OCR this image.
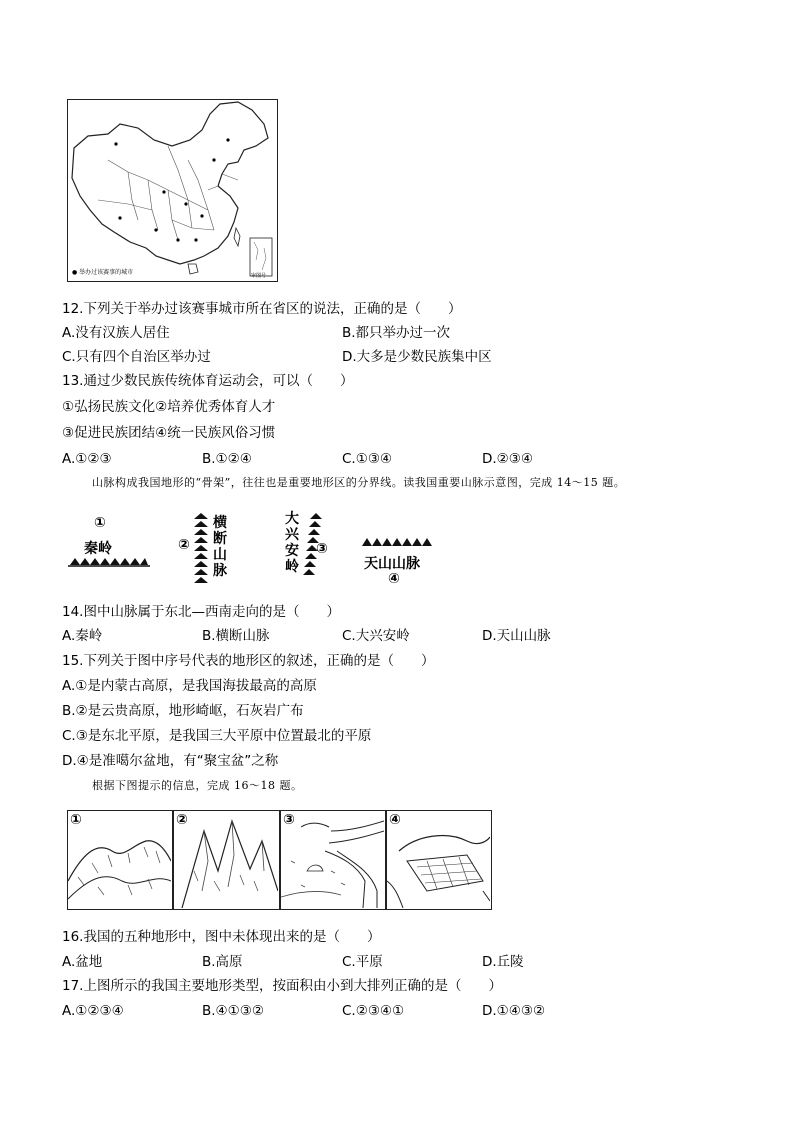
● 举办过该赛事的城市	审图号
12.下列关于举办过该赛事城市所在省区的说法，正确的是（　　）
A.没有汉族人居住	B.都只举办过一次
C.只有四个自治区举办过	D.大多是少数民族集中区
13.通过少数民族传统体育运动会，可以（　　）
①弘扬民族文化②培养优秀体育人才
③促进民族团结④统一民族风俗习惯
A.①②③	B.①②④	C.①③④	D.②③④
山脉构成我国地形的“骨架”，往往也是重要地形区的分界线。读我国重要山脉示意图，完成 14～15 题。
①
秦岭	②
横断山脉
大兴安岭
③
天山山脉
④
14.图中山脉属于东北—西南走向的是（　　）
A.秦岭	B.横断山脉	C.大兴安岭	D.天山山脉
15.下列关于图中序号代表的地形区的叙述，正确的是（　　）
A.①是内蒙古高原，是我国海拔最高的高原
B.②是云贵高原，地形崎岖，石灰岩广布
C.③是东北平原，是我国三大平原中位置最北的平原
D.④是准噶尔盆地，有“聚宝盆”之称
根据下图提示的信息，完成 16～18 题。
①	②	③	④
16.我国的五种地形中，图中未体现出来的是（　　）
A.盆地	B.高原	C.平原	D.丘陵
17.上图所示的我国主要地形类型，按面积由小到大排列正确的是（　　）
A.①②③④	B.④①③②	C.②③④①	D.①④③②
